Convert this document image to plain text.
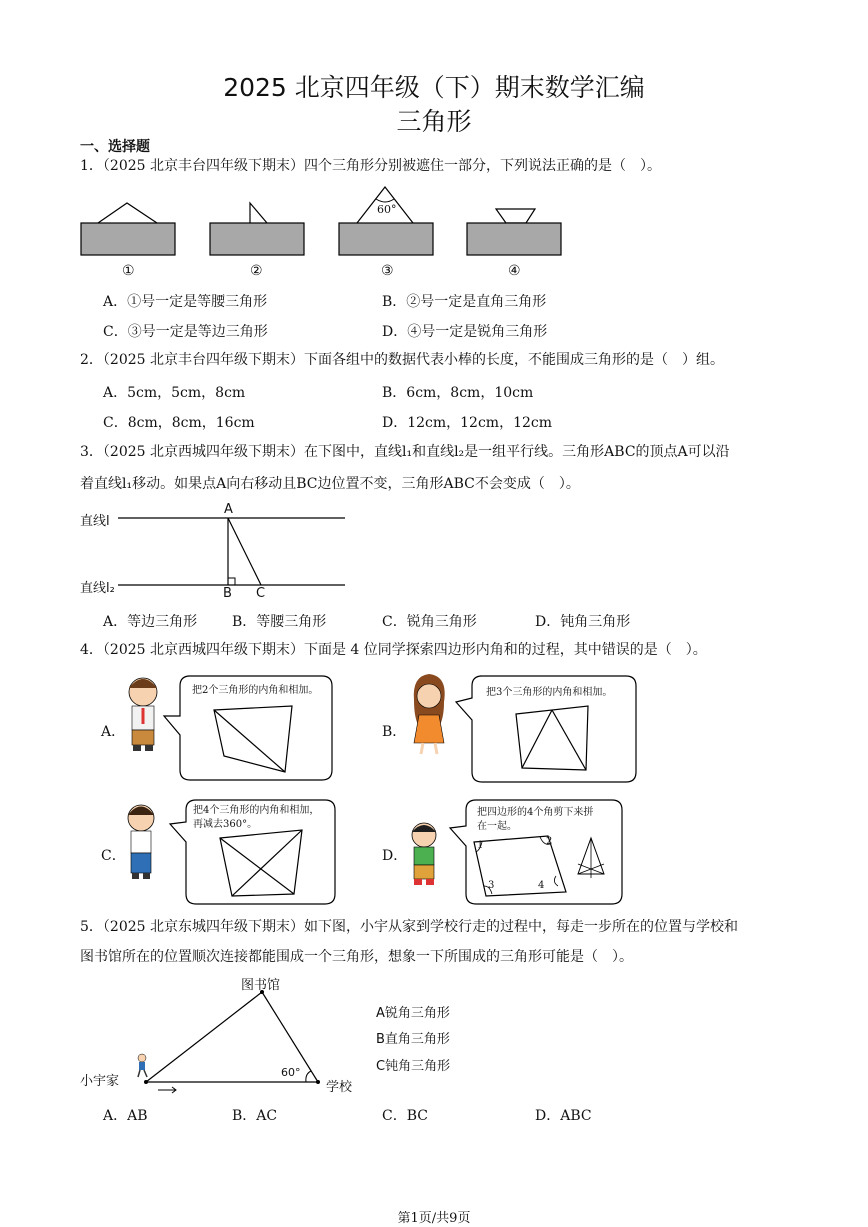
2025 北京四年级（下）期末数学汇编
三角形
一、选择题
1．（2025 北京丰台四年级下期末）四个三角形分别被遮住一部分，下列说法正确的是（　）。
60°
①	②	③	④
A．①号一定是等腰三角形	B．②号一定是直角三角形
C．③号一定是等边三角形	D．④号一定是锐角三角形
2．（2025 北京丰台四年级下期末）下面各组中的数据代表小棒的长度，不能围成三角形的是（　）组。
A．5cm，5cm，8cm	B．6cm，8cm，10cm
C．8cm，8cm，16cm	D．12cm，12cm，12cm
3．（2025 北京西城四年级下期末）在下图中，直线l₁和直线l₂是一组平行线。三角形ABC的顶点A可以沿
着直线l₁移动。如果点A向右移动且BC边位置不变，三角形ABC不会变成（　）。
直线l
直线l₂
A
B C
A．等边三角形 B．等腰三角形	C．锐角三角形	D．钝角三角形
4．（2025 北京西城四年级下期末）下面是 4 位同学探索四边形内角和的过程，其中错误的是（　）。
A．	B．
C．	D．
把2个三角形的内角和相加。	把3个三角形的内角和相加。
把4个三角形的内角和相加，再减去360°。
把四边形的4个角剪下来拼在一起。
1	2
3	4
5．（2025 北京东城四年级下期末）如下图，小宇从家到学校行走的过程中，每走一步所在的位置与学校和
图书馆所在的位置顺次连接都能围成一个三角形，想象一下所围成的三角形可能是（　）。
图书馆
小宇家	学校
60°
A锐角三角形
B直角三角形
C钝角三角形
A．AB	B．AC	C．BC	D．ABC
第1页/共9页
